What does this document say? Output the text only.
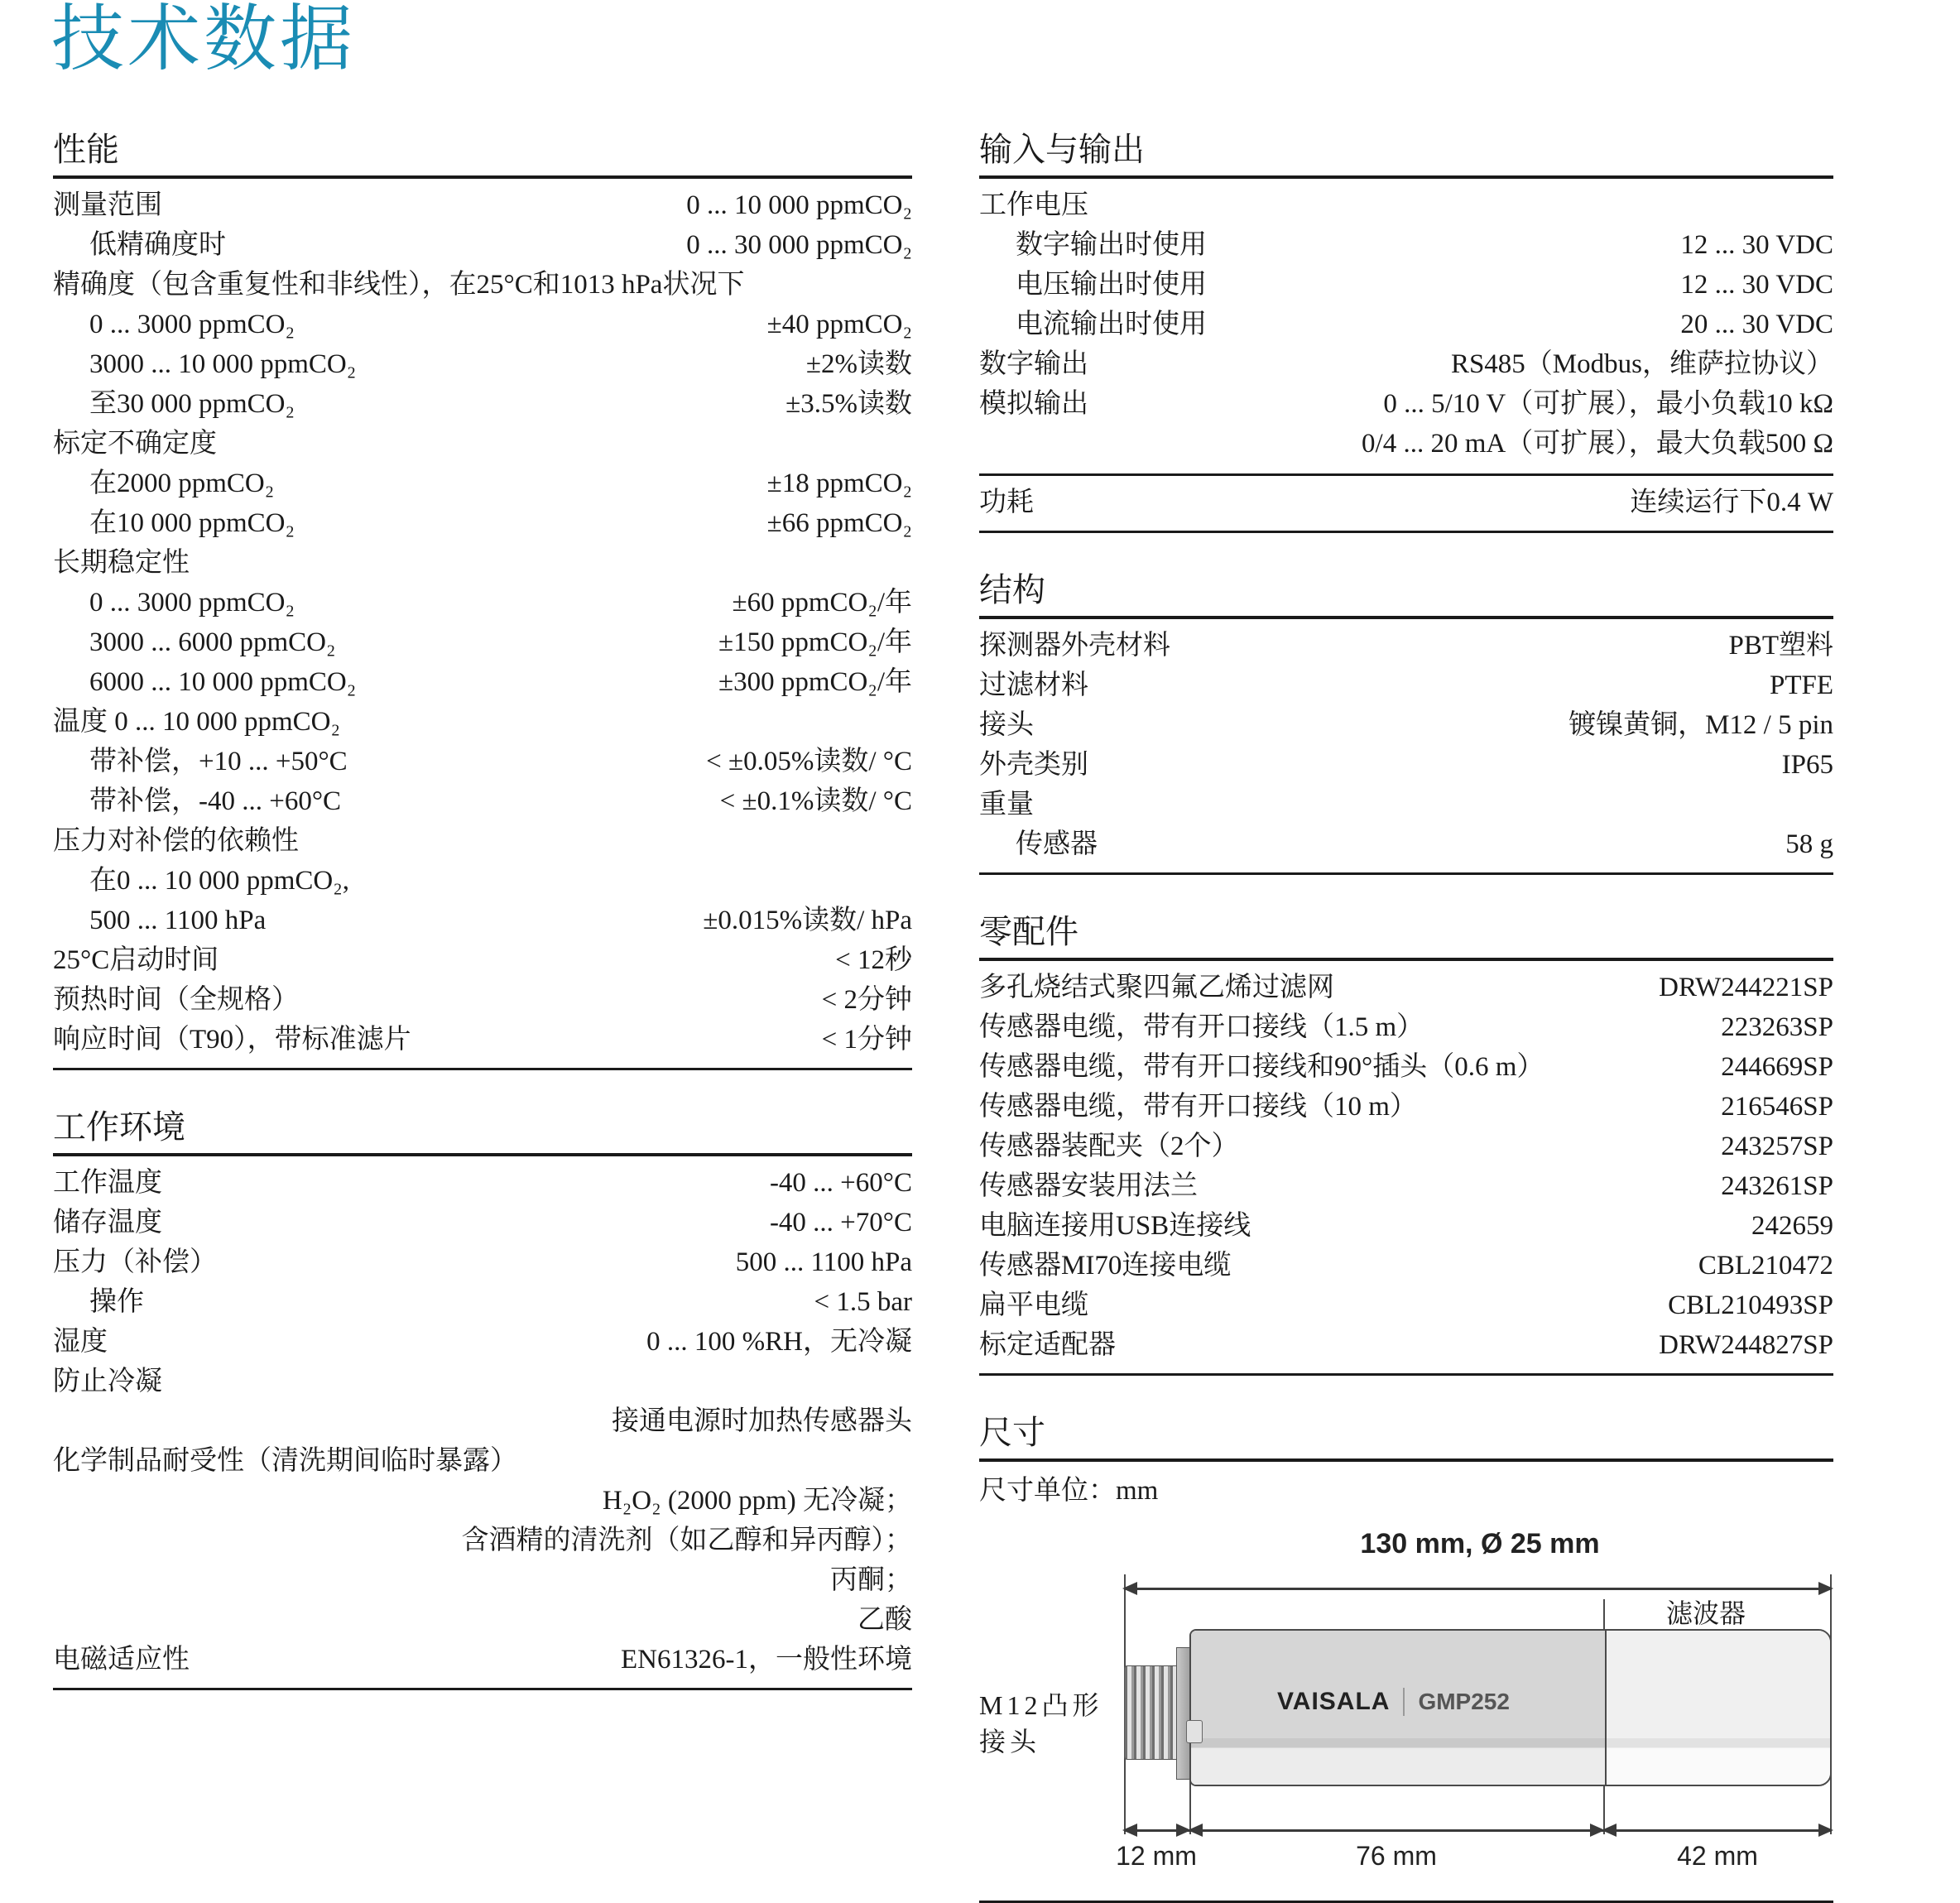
技术数据
性能
测量范围	0 ... 10 000 ppmCO₂
低精确度时	0 ... 30 000 ppmCO₂
精确度（包含重复性和非线性），在25°C和1013 hPa状况下
0 ... 3000 ppmCO₂	±40 ppmCO₂
3000 ... 10 000 ppmCO₂	±2%读数
至30 000 ppmCO₂	±3.5%读数
标定不确定度
在2000 ppmCO₂	±18 ppmCO₂
在10 000 ppmCO₂	±66 ppmCO₂
长期稳定性
0 ... 3000 ppmCO₂	±60 ppmCO₂/年
3000 ... 6000 ppmCO₂	±150 ppmCO₂/年
6000 ... 10 000 ppmCO₂	±300 ppmCO₂/年
温度 0 ... 10 000 ppmCO₂
带补偿，+10 ... +50°C	< ±0.05%读数/ °C
带补偿，-40 ... +60°C	< ±0.1%读数/ °C
压力对补偿的依赖性
在0 ... 10 000 ppmCO₂,
500 ... 1100 hPa	±0.015%读数/ hPa
25°C启动时间	< 12秒
预热时间（全规格）	< 2分钟
响应时间（T90），带标准滤片	< 1分钟
工作环境
工作温度	-40 ... +60°C
储存温度	-40 ... +70°C
压力（补偿）	500 ... 1100 hPa
操作	< 1.5 bar
湿度	0 ... 100 %RH，无冷凝
防止冷凝
接通电源时加热传感器头
化学制品耐受性（清洗期间临时暴露）
H₂O₂ (2000 ppm) 无冷凝；
含酒精的清洗剂（如乙醇和异丙醇）；
丙酮；
乙酸
电磁适应性	EN61326-1，一般性环境
输入与输出
工作电压
数字输出时使用	12 ... 30 VDC
电压输出时使用	12 ... 30 VDC
电流输出时使用	20 ... 30 VDC
数字输出	RS485（Modbus，维萨拉协议）
模拟输出	0 ... 5/10 V（可扩展），最小负载10 kΩ
0/4 ... 20 mA（可扩展），最大负载500 Ω
功耗	连续运行下0.4 W
结构
探测器外壳材料	PBT塑料
过滤材料	PTFE
接头	镀镍黄铜，M12 / 5 pin
外壳类别	IP65
重量
传感器	58 g
零配件
多孔烧结式聚四氟乙烯过滤网	DRW244221SP
传感器电缆，带有开口接线（1.5 m）	223263SP
传感器电缆，带有开口接线和90°插头（0.6 m）	244669SP
传感器电缆，带有开口接线（10 m）	216546SP
传感器装配夹（2个）	243257SP
传感器安装用法兰	243261SP
电脑连接用USB连接线	242659
传感器MI70连接电缆	CBL210472
扁平电缆	CBL210493SP
标定适配器	DRW244827SP
尺寸
尺寸单位：mm
130 mm, Ø 25 mm
VAISALA GMP252
滤波器
M12凸形
接头
12 mm	76 mm	42 mm
